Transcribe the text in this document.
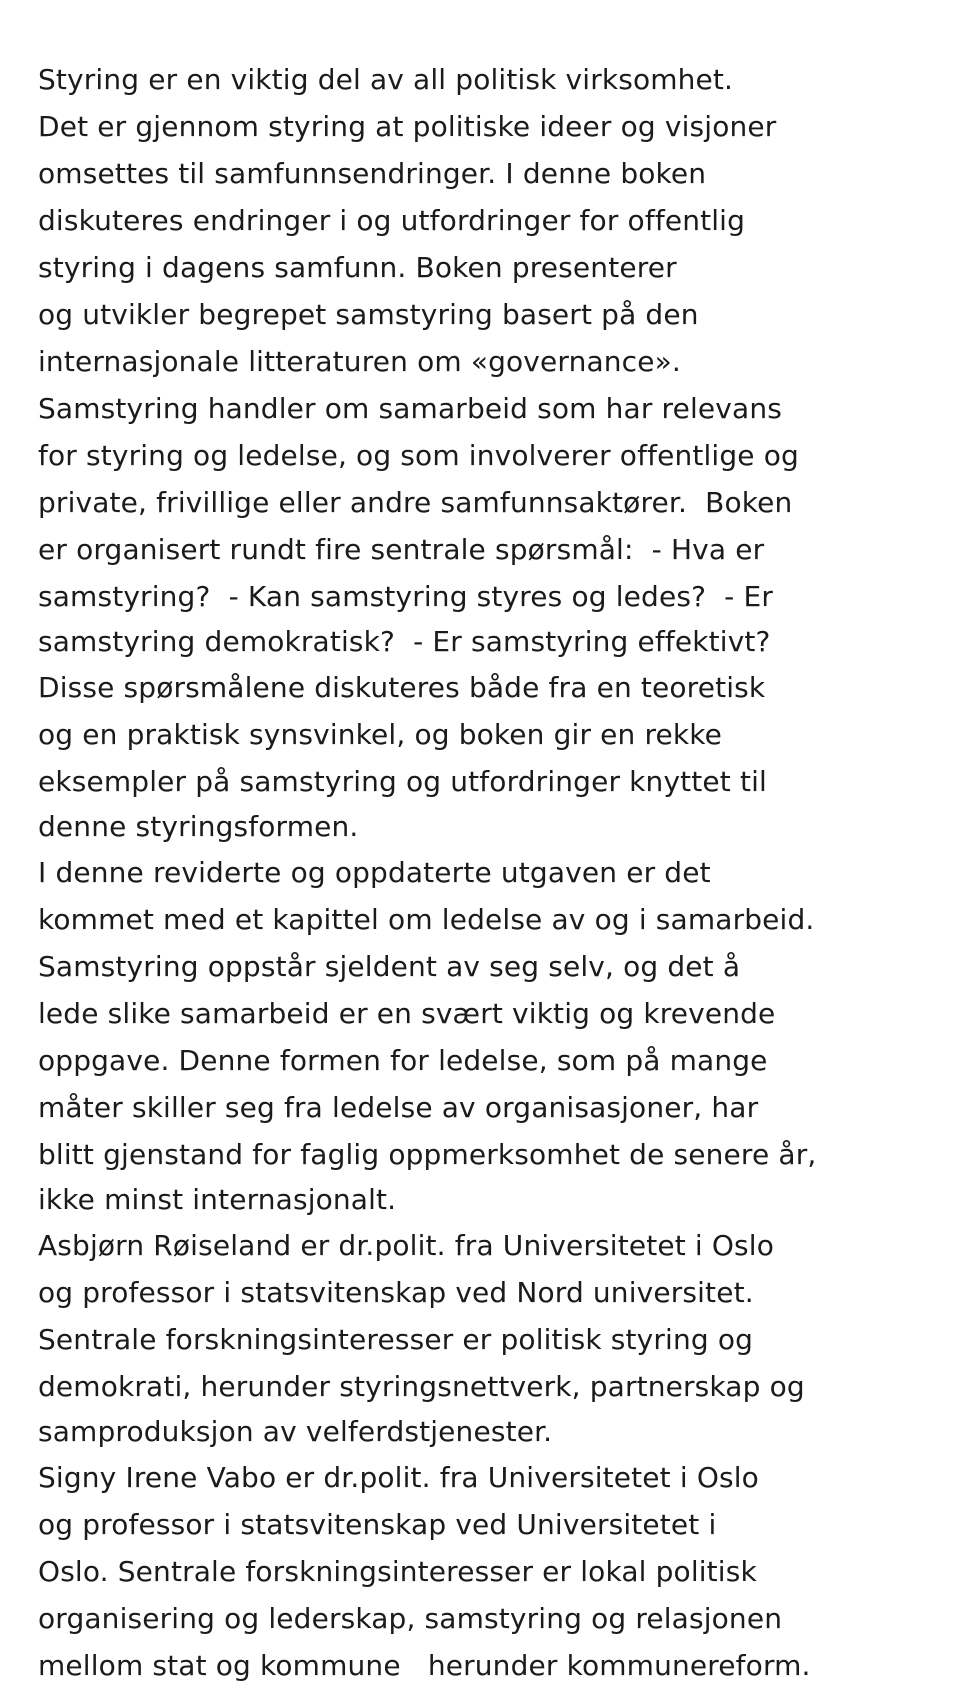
Styring er en viktig del av all politisk virksomhet.
Det er gjennom styring at politiske ideer og visjoner
omsettes til samfunnsendringer. I denne boken
diskuteres endringer i og utfordringer for offentlig
styring i dagens samfunn. Boken presenterer
og utvikler begrepet samstyring basert på den
internasjonale litteraturen om «governance».
Samstyring handler om samarbeid som har relevans
for styring og ledelse, og som involverer offentlige og
private, frivillige eller andre samfunnsaktører.  Boken
er organisert rundt fire sentrale spørsmål:  - Hva er
samstyring?  - Kan samstyring styres og ledes?  - Er
samstyring demokratisk?  - Er samstyring effektivt?
Disse spørsmålene diskuteres både fra en teoretisk
og en praktisk synsvinkel, og boken gir en rekke
eksempler på samstyring og utfordringer knyttet til
denne styringsformen.
I denne reviderte og oppdaterte utgaven er det
kommet med et kapittel om ledelse av og i samarbeid.
Samstyring oppstår sjeldent av seg selv, og det å
lede slike samarbeid er en svært viktig og krevende
oppgave. Denne formen for ledelse, som på mange
måter skiller seg fra ledelse av organisasjoner, har
blitt gjenstand for faglig oppmerksomhet de senere år,
ikke minst internasjonalt.
Asbjørn Røiseland er dr.polit. fra Universitetet i Oslo
og professor i statsvitenskap ved Nord universitet.
Sentrale forskningsinteresser er politisk styring og
demokrati, herunder styringsnettverk, partnerskap og
samproduksjon av velferdstjenester.
Signy Irene Vabo er dr.polit. fra Universitetet i Oslo
og professor i statsvitenskap ved Universitetet i
Oslo. Sentrale forskningsinteresser er lokal politisk
organisering og lederskap, samstyring og relasjonen
mellom stat og kommune   herunder kommunereform.
